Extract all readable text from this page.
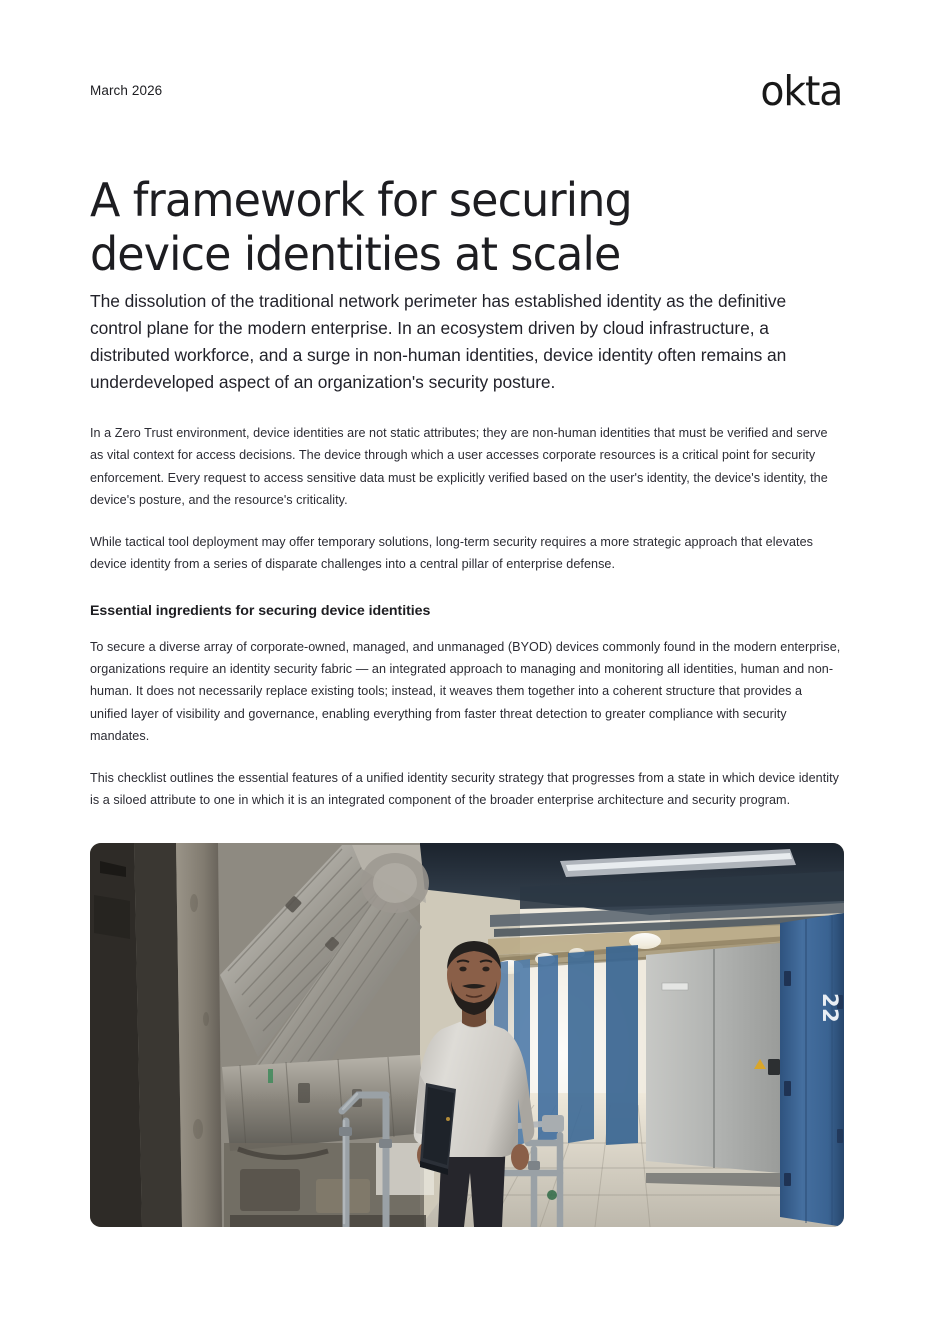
March 2026	okta
A framework for securing
device identities at scale

The dissolution of the traditional network perimeter has established identity as the definitive control plane for the modern enterprise. In an ecosystem driven by cloud infrastructure, a distributed workforce, and a surge in non-human identities, device identity often remains an underdeveloped aspect of an organization's security posture.

In a Zero Trust environment, device identities are not static attributes; they are non-human identities that must be verified and serve as vital context for access decisions. The device through which a user accesses corporate resources is a critical point for security enforcement. Every request to access sensitive data must be explicitly verified based on the user's identity, the device's identity, the device's posture, and the resource's criticality.

While tactical tool deployment may offer temporary solutions, long-term security requires a more strategic approach that elevates device identity from a series of disparate challenges into a central pillar of enterprise defense.

Essential ingredients for securing device identities

To secure a diverse array of corporate-owned, managed, and unmanaged (BYOD) devices commonly found in the modern enterprise, organizations require an identity security fabric — an integrated approach to managing and monitoring all identities, human and non-human. It does not necessarily replace existing tools; instead, it weaves them together into a coherent structure that provides a unified layer of visibility and governance, enabling everything from faster threat detection to greater compliance with security mandates.

This checklist outlines the essential features of a unified identity security strategy that progresses from a state in which device identity is a siloed attribute to one in which it is an integrated component of the broader enterprise architecture and security program.

22
